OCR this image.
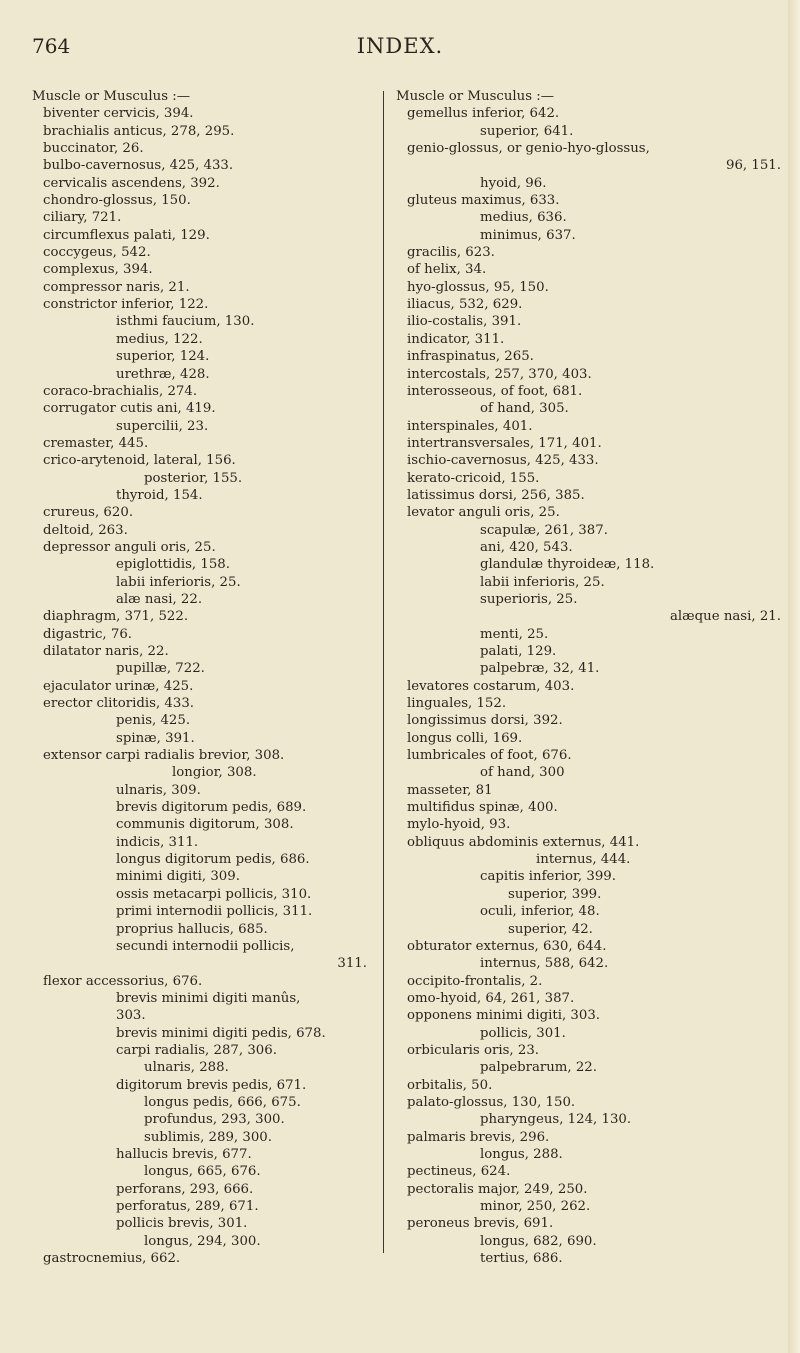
764	INDEX.
Muscle or Musculus :—
biventer cervicis, 394.
brachialis anticus, 278, 295.
buccinator, 26.
bulbo-cavernosus, 425, 433.
cervicalis ascendens, 392.
chondro-glossus, 150.
ciliary, 721.
circumflexus palati, 129.
coccygeus, 542.
complexus, 394.
compressor naris, 21.
constrictor inferior, 122.
isthmi faucium, 130.
medius, 122.
superior, 124.
urethræ, 428.
coraco-brachialis, 274.
corrugator cutis ani, 419.
supercilii, 23.
cremaster, 445.
crico-arytenoid, lateral, 156.
posterior, 155.
thyroid, 154.
crureus, 620.
deltoid, 263.
depressor anguli oris, 25.
epiglottidis, 158.
labii inferioris, 25.
alæ nasi, 22.
diaphragm, 371, 522.
digastric, 76.
dilatator naris, 22.
pupillæ, 722.
ejaculator urinæ, 425.
erector clitoridis, 433.
penis, 425.
spinæ, 391.
extensor carpi radialis brevior, 308.
longior, 308.
ulnaris, 309.
brevis digitorum pedis, 689.
communis digitorum, 308.
indicis, 311.
longus digitorum pedis, 686.
minimi digiti, 309.
ossis metacarpi pollicis, 310.
primi internodii pollicis, 311.
proprius hallucis, 685.
secundi internodii pollicis,
311.
flexor accessorius, 676.
brevis minimi digiti manûs,
303.
brevis minimi digiti pedis, 678.
carpi radialis, 287, 306.
ulnaris, 288.
digitorum brevis pedis, 671.
longus pedis, 666, 675.
profundus, 293, 300.
sublimis, 289, 300.
hallucis brevis, 677.
longus, 665, 676.
perforans, 293, 666.
perforatus, 289, 671.
pollicis brevis, 301.
longus, 294, 300.
gastrocnemius, 662.
Muscle or Musculus :—
gemellus inferior, 642.
superior, 641.
genio-glossus, or genio-hyo-glossus,
96, 151.
hyoid, 96.
gluteus maximus, 633.
medius, 636.
minimus, 637.
gracilis, 623.
of helix, 34.
hyo-glossus, 95, 150.
iliacus, 532, 629.
ilio-costalis, 391.
indicator, 311.
infraspinatus, 265.
intercostals, 257, 370, 403.
interosseous, of foot, 681.
of hand, 305.
interspinales, 401.
intertransversales, 171, 401.
ischio-cavernosus, 425, 433.
kerato-cricoid, 155.
latissimus dorsi, 256, 385.
levator anguli oris, 25.
scapulæ, 261, 387.
ani, 420, 543.
glandulæ thyroideæ, 118.
labii inferioris, 25.
superioris, 25.
alæque nasi, 21.
menti, 25.
palati, 129.
palpebræ, 32, 41.
levatores costarum, 403.
linguales, 152.
longissimus dorsi, 392.
longus colli, 169.
lumbricales of foot, 676.
of hand, 300
masseter, 81
multifidus spinæ, 400.
mylo-hyoid, 93.
obliquus abdominis externus, 441.
internus, 444.
capitis inferior, 399.
superior, 399.
oculi, inferior, 48.
superior, 42.
obturator externus, 630, 644.
internus, 588, 642.
occipito-frontalis, 2.
omo-hyoid, 64, 261, 387.
opponens minimi digiti, 303.
pollicis, 301.
orbicularis oris, 23.
palpebrarum, 22.
orbitalis, 50.
palato-glossus, 130, 150.
pharyngeus, 124, 130.
palmaris brevis, 296.
longus, 288.
pectineus, 624.
pectoralis major, 249, 250.
minor, 250, 262.
peroneus brevis, 691.
longus, 682, 690.
tertius, 686.
